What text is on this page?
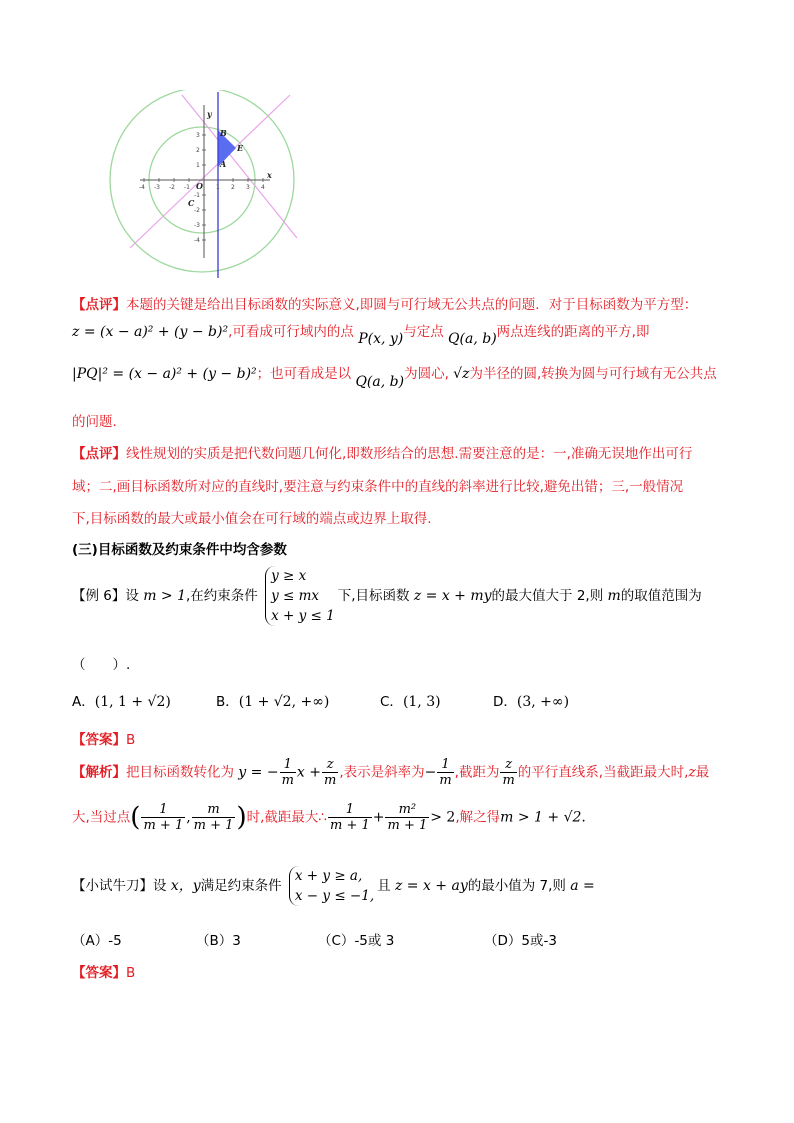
-4 -3 -2 -1	1 2 3 4
3
2
1
-1
-2
-3
-4
x
y
O
B
E
A
C
【点评】本题的关键是给出目标函数的实际意义,即圆与可行域无公共点的问题．对于目标函数为平方型：
z = (x − a)² + (y − b)²,可看成可行域内的点 P(x, y)与定点 Q(a, b)两点连线的距离的平方,即
|PQ|² = (x − a)² + (y − b)²；也可看成是以 Q(a, b)为圆心, √z为半径的圆,转换为圆与可行域有无公共点
的问题．
【点评】线性规划的实质是把代数问题几何化,即数形结合的思想.需要注意的是：一,准确无误地作出可行
域；二,画目标函数所对应的直线时,要注意与约束条件中的直线的斜率进行比较,避免出错；三,一般情况
下,目标函数的最大或最小值会在可行域的端点或边界上取得.
(三)目标函数及约束条件中均含参数
【例 6】设 m > 1,在约束条件
y ≥ x
y ≤ mx
x + y ≤ 1
下,目标函数 z = x + my的最大值大于 2,则 m的取值范围为
（　　）.
A．(1, 1 + √2)	B．(1 + √2, +∞)	C．(1, 3)	D．(3, +∞)
【答案】B
【解析】把目标函数转化为 y = − $\frac{1}{m}$ $x + \frac{z}{m}$ ,表示是斜率为− $\frac{1}{m}$ ,截距为 $\frac{z}{m}$ 的平行直线系,当截距最大时,z最
大,当过点( $\frac{1}{m + 1}$ , $\frac{m}{m + 1}$ )时,截距最大∴ $\frac{1}{m + 1} + \frac{\text{m²}}{m + 1} > 2$,解之得m > 1 + √2.
【小试牛刀】设 x，y满足约束条件
x + y ≥ a,
x − y ≤ −1,
且 z = x + ay的最小值为 7,则 a =
（A）-5	（B）3	（C）-5或 3	（D）5或-3
【答案】B
